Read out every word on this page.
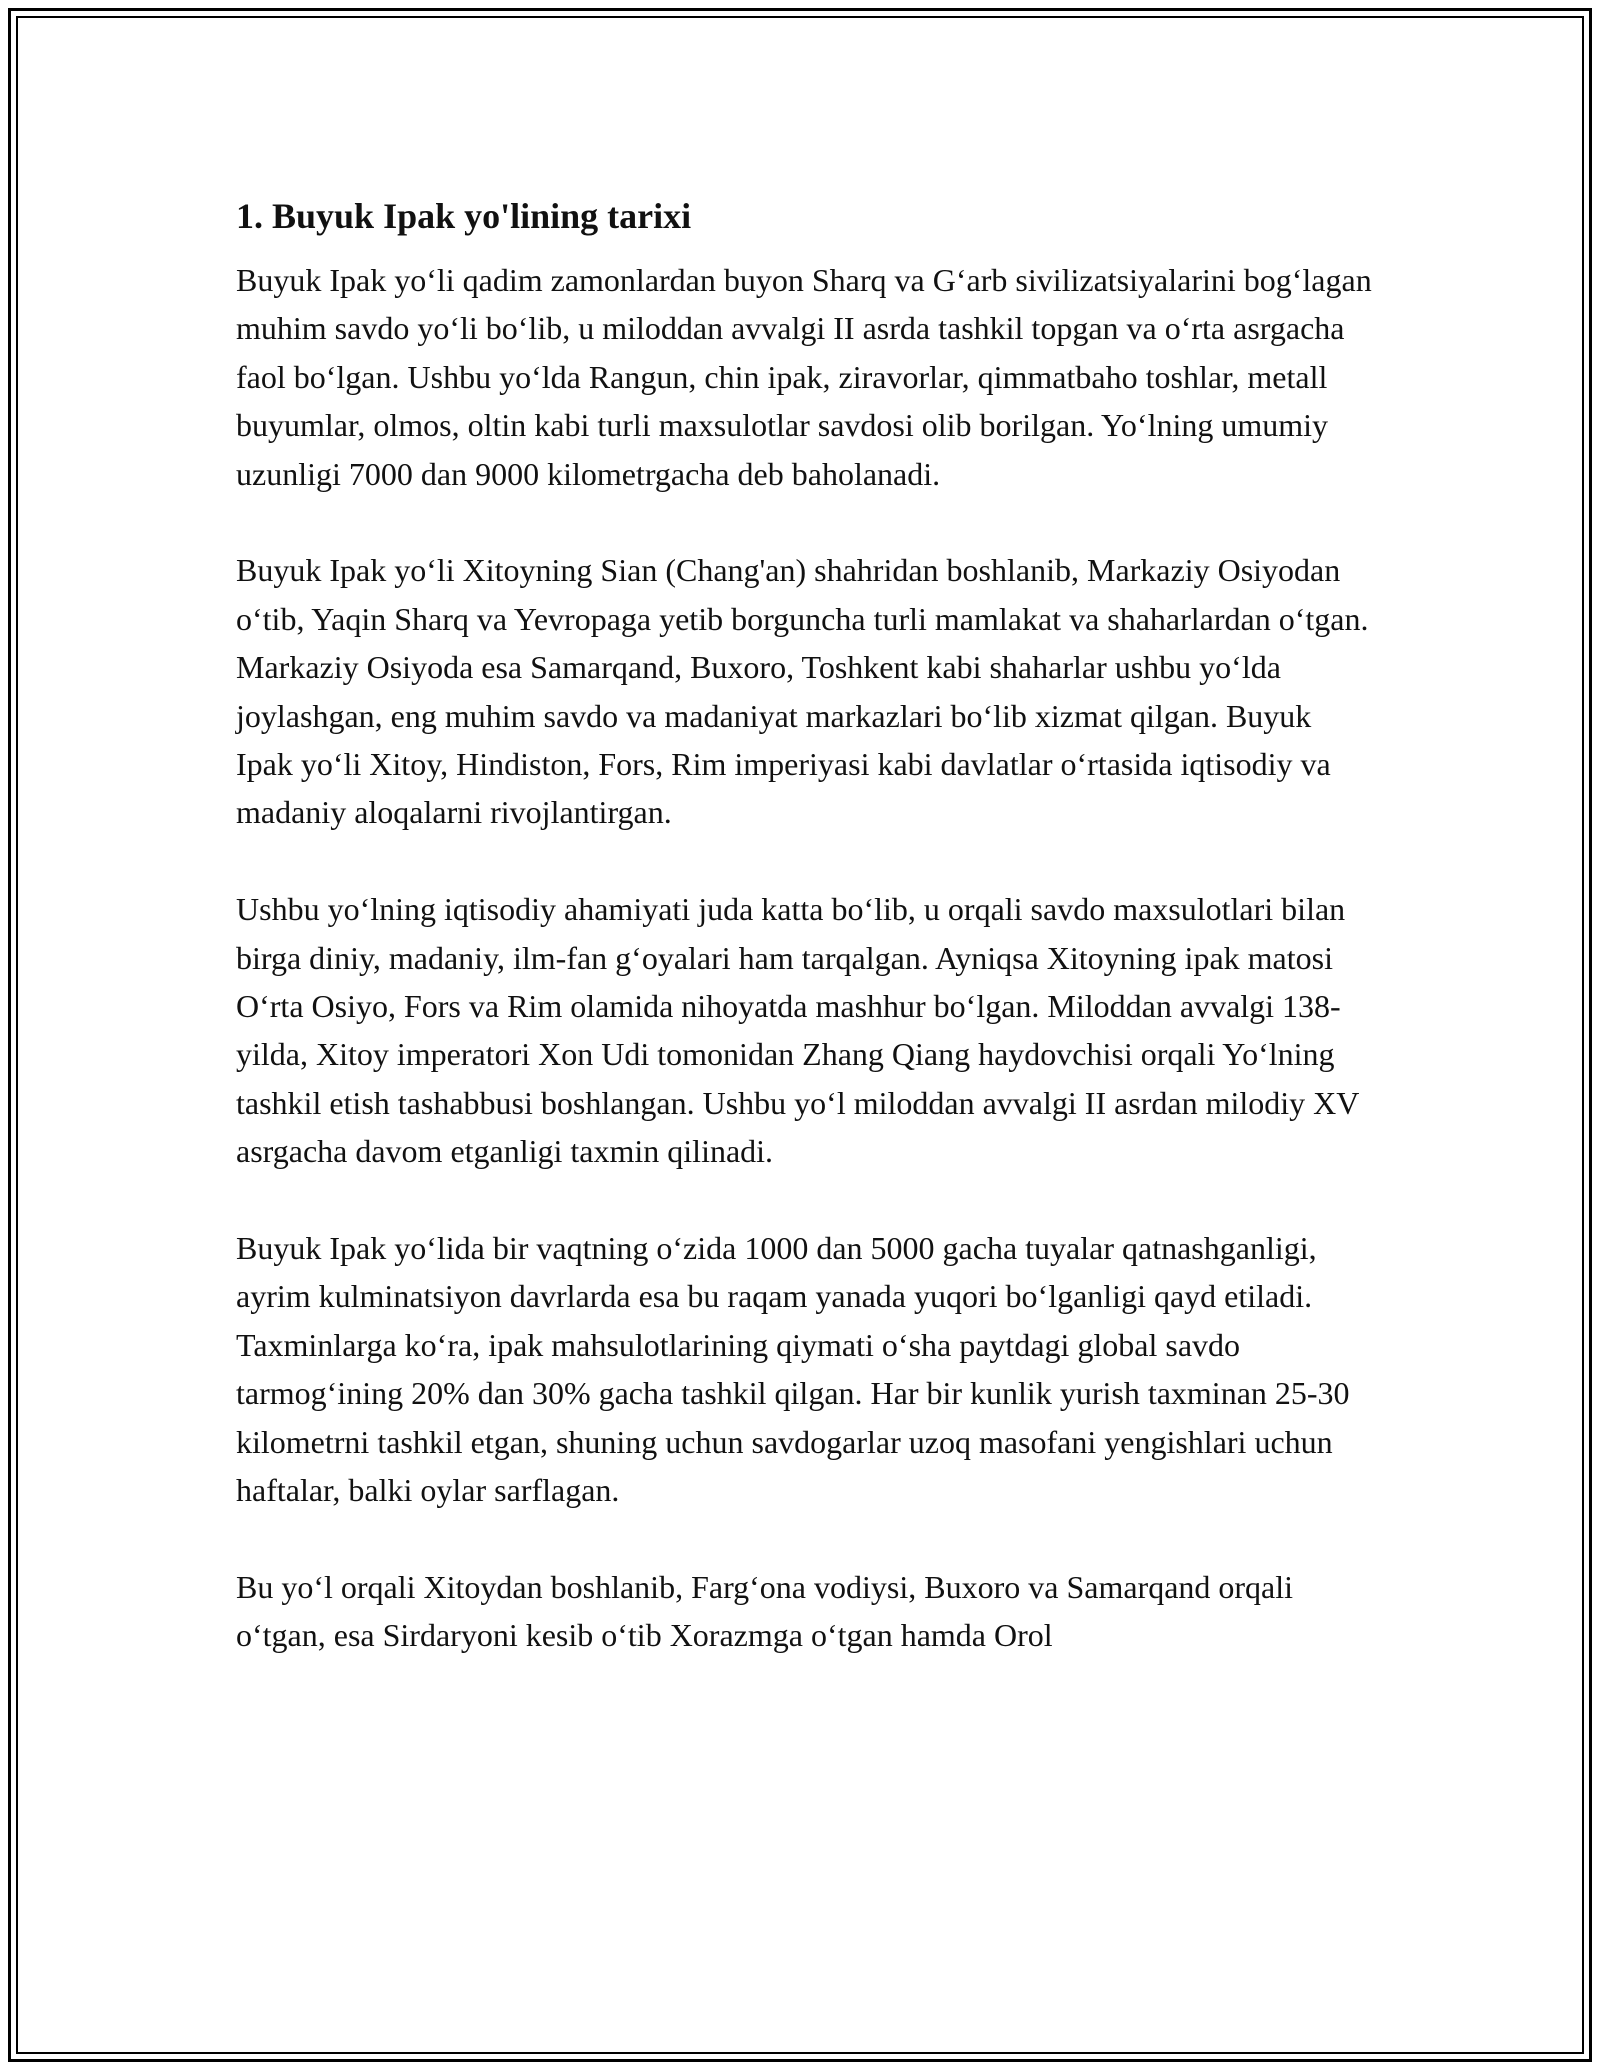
1. Buyuk Ipak yo'lining tarixi

Buyuk Ipak yo‘li qadim zamonlardan buyon Sharq va G‘arb sivilizatsiyalarini bog‘lagan muhim savdo yo‘li bo‘lib, u miloddan avvalgi II asrda tashkil topgan va o‘rta asrgacha faol bo‘lgan. Ushbu yo‘lda Rangun, chin ipak, ziravorlar, qimmatbaho toshlar, metall buyumlar, olmos, oltin kabi turli maxsulotlar savdosi olib borilgan. Yo‘lning umumiy uzunligi 7000 dan 9000 kilometrgacha deb baholanadi.

Buyuk Ipak yo‘li Xitoyning Sian (Chang'an) shahridan boshlanib, Markaziy Osiyodan o‘tib, Yaqin Sharq va Yevropaga yetib borguncha turli mamlakat va shaharlardan o‘tgan. Markaziy Osiyoda esa Samarqand, Buxoro, Toshkent kabi shaharlar ushbu yo‘lda joylashgan, eng muhim savdo va madaniyat markazlari bo‘lib xizmat qilgan. Buyuk Ipak yo‘li Xitoy, Hindiston, Fors, Rim imperiyasi kabi davlatlar o‘rtasida iqtisodiy va madaniy aloqalarni rivojlantirgan.

Ushbu yo‘lning iqtisodiy ahamiyati juda katta bo‘lib, u orqali savdo maxsulotlari bilan birga diniy, madaniy, ilm-fan g‘oyalari ham tarqalgan. Ayniqsa Xitoyning ipak matosi O‘rta Osiyo, Fors va Rim olamida nihoyatda mashhur bo‘lgan. Miloddan avvalgi 138-yilda, Xitoy imperatori Xon Udi tomonidan Zhang Qiang haydovchisi orqali Yo‘lning tashkil etish tashabbusi boshlangan. Ushbu yo‘l miloddan avvalgi II asrdan milodiy XV asrgacha davom etganligi taxmin qilinadi.

Buyuk Ipak yo‘lida bir vaqtning o‘zida 1000 dan 5000 gacha tuyalar qatnashganligi, ayrim kulminatsiyon davrlarda esa bu raqam yanada yuqori bo‘lganligi qayd etiladi. Taxminlarga ko‘ra, ipak mahsulotlarining qiymati o‘sha paytdagi global savdo tarmog‘ining 20% dan 30% gacha tashkil qilgan. Har bir kunlik yurish taxminan 25-30 kilometrni tashkil etgan, shuning uchun savdogarlar uzoq masofani yengishlari uchun haftalar, balki oylar sarflagan.

Bu yo‘l orqali Xitoydan boshlanib, Farg‘ona vodiysi, Buxoro va Samarqand orqali o‘tgan, esa Sirdaryoni kesib o‘tib Xorazmga o‘tgan hamda Orol
